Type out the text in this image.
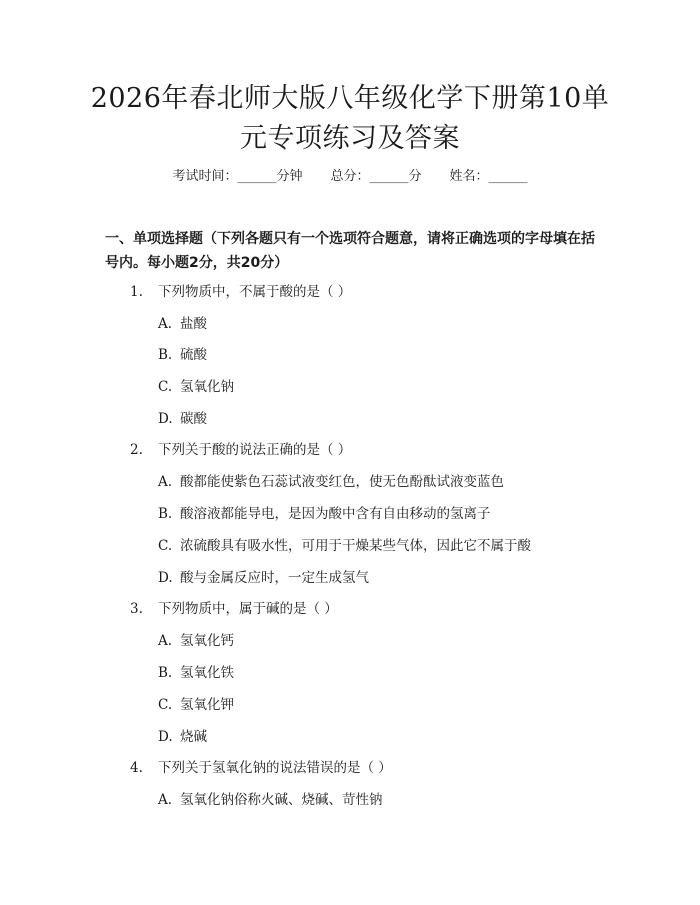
2026年春北师大版八年级化学下册第10单
元专项练习及答案
考试时间：______分钟 总分：______分 姓名：______
一、单项选择题（下列各题只有一个选项符合题意，请将正确选项的字母填在括号内。每小题2分，共20分）
1. 下列物质中，不属于酸的是（ ）
A. 盐酸
B. 硫酸
C. 氢氧化钠
D. 碳酸
2. 下列关于酸的说法正确的是（ ）
A. 酸都能使紫色石蕊试液变红色，使无色酚酞试液变蓝色
B. 酸溶液都能导电，是因为酸中含有自由移动的氢离子
C. 浓硫酸具有吸水性，可用于干燥某些气体，因此它不属于酸
D. 酸与金属反应时，一定生成氢气
3. 下列物质中，属于碱的是（ ）
A. 氢氧化钙
B. 氢氧化铁
C. 氢氧化钾
D. 烧碱
4. 下列关于氢氧化钠的说法错误的是（ ）
A. 氢氧化钠俗称火碱、烧碱、苛性钠
